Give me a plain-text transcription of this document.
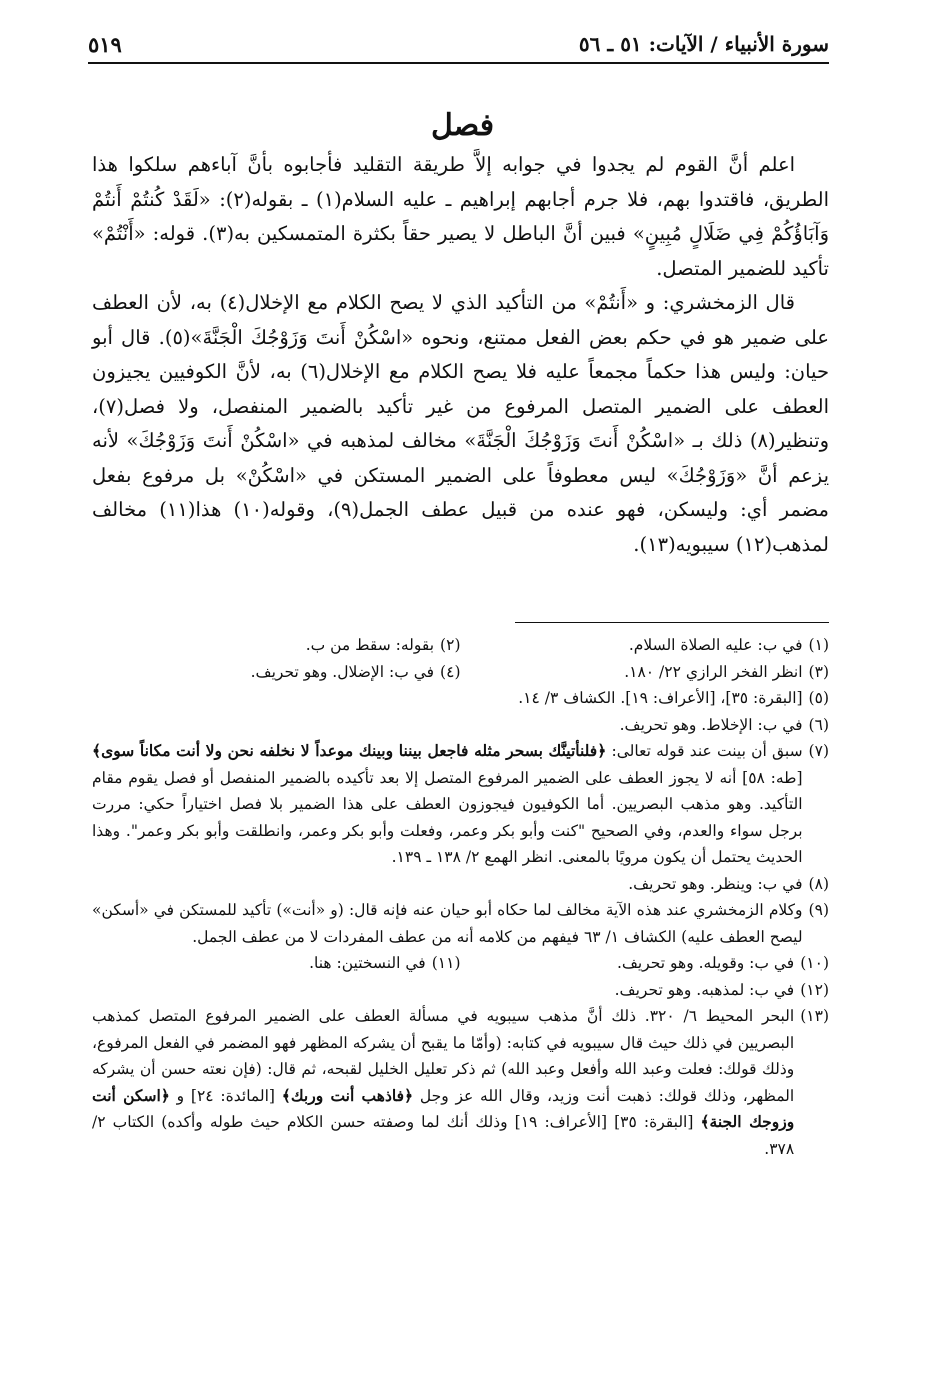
سورة الأنبياء / الآيات: ٥١ ـ ٥٦
٥١٩
فصل

اعلم أنَّ القوم لم يجدوا في جوابه إلاَّ طريقة التقليد فأجابوه بأنَّ آباءهم سلكوا هذا الطريق، فاقتدوا بهم، فلا جرم أجابهم إبراهيم ـ عليه السلام(١) ـ بقوله(٢): «لَقَدْ كُنتُمْ أَنتُمْ وَآبَاؤُكُمْ فِي ضَلَالٍ مُبِينٍ» فبين أنَّ الباطل لا يصير حقاً بكثرة المتمسكين به(٣). قوله: «أَنْتُمْ» تأكيد للضمير المتصل.

قال الزمخشري: و «أَنتُمْ» من التأكيد الذي لا يصح الكلام مع الإخلال(٤) به، لأن العطف على ضمير هو في حكم بعض الفعل ممتنع، ونحوه «اسْكُنْ أَنتَ وَزَوْجُكَ الْجَنَّةَ»(٥). قال أبو حيان: وليس هذا حكماً مجمعاً عليه فلا يصح الكلام مع الإخلال(٦) به، لأنَّ الكوفيين يجيزون العطف على الضمير المتصل المرفوع من غير تأكيد بالضمير المنفصل، ولا فصل(٧)، وتنظير(٨) ذلك بـ «اسْكُنْ أَنتَ وَزَوْجُكَ الْجَنَّةَ» مخالف لمذهبه في «اسْكُنْ أَنتَ وَزَوْجُكَ» لأنه يزعم أنَّ «وَزَوْجُكَ» ليس معطوفاً على الضمير المستكن في «اسْكُنْ» بل مرفوع بفعل مضمر أي: وليسكن، فهو عنده من قبيل عطف الجمل(٩)، وقوله(١٠) هذا(١١) مخالف لمذهب(١٢) سيبويه(١٣).

(١)
في ب: عليه الصلاة السلام.
(٢)
بقوله: سقط من ب.
(٣)
انظر الفخر الرازي ٢٢/ ١٨٠.
(٤)
في ب: الإضلال. وهو تحريف.
(٥)
[البقرة: ٣٥]، [الأعراف: ١٩]. الكشاف ٣/ ١٤.
(٦)
في ب: الإخلاط. وهو تحريف.
(٧)
سبق أن بينت عند قوله تعالى: ﴿فلنأتينَّك بسحر مثله فاجعل بيننا وبينك موعداً لا نخلفه نحن ولا أنت مكاناً سوى﴾ [طه: ٥٨] أنه لا يجوز العطف على الضمير المرفوع المتصل إلا بعد تأكيده بالضمير المنفصل أو فصل يقوم مقام التأكيد. وهو مذهب البصريين. أما الكوفيون فيجوزون العطف على هذا الضمير بلا فصل اختياراً حكي: مررت برجل سواء والعدم، وفي الصحيح "كنت وأبو بكر وعمر، وفعلت وأبو بكر وعمر، وانطلقت وأبو بكر وعمر". وهذا الحديث يحتمل أن يكون مرويًا بالمعنى. انظر الهمع ٢/ ١٣٨ ـ ١٣٩.
(٨)
في ب: وينظر. وهو تحريف.
(٩)
وكلام الزمخشري عند هذه الآية مخالف لما حكاه أبو حيان عنه فإنه قال: (و «أنت») تأكيد للمستكن في «أسكن» ليصح العطف عليه) الكشاف ١/ ٦٣ فيفهم من كلامه أنه من عطف المفردات لا من عطف الجمل.
(١٠)
في ب: وقويله. وهو تحريف.
(١١)
في النسختين: هنا.
(١٢)
في ب: لمذهبه. وهو تحريف.
(١٣)
البحر المحيط ٦/ ٣٢٠. ذلك أنَّ مذهب سيبويه في مسألة العطف على الضمير المرفوع المتصل كمذهب البصريين في ذلك حيث قال سيبويه في كتابه: (وأمّا ما يقبح أن يشركه المظهر فهو المضمر في الفعل المرفوع، وذلك قولك: فعلت وعبد الله وأفعل وعبد الله) ثم ذكر تعليل الخليل لقبحه، ثم قال: (فإن نعته حسن أن يشركه المظهر، وذلك قولك: ذهبت أنت وزيد، وقال الله عز وجل ﴿فاذهب أنت وربك﴾ [المائدة: ٢٤] و ﴿اسكن أنت وزوجك الجنة﴾ [البقرة: ٣٥] [الأعراف: ١٩] وذلك أنك لما وصفته حسن الكلام حيث طوله وأكده) الكتاب ٢/ ٣٧٨.
